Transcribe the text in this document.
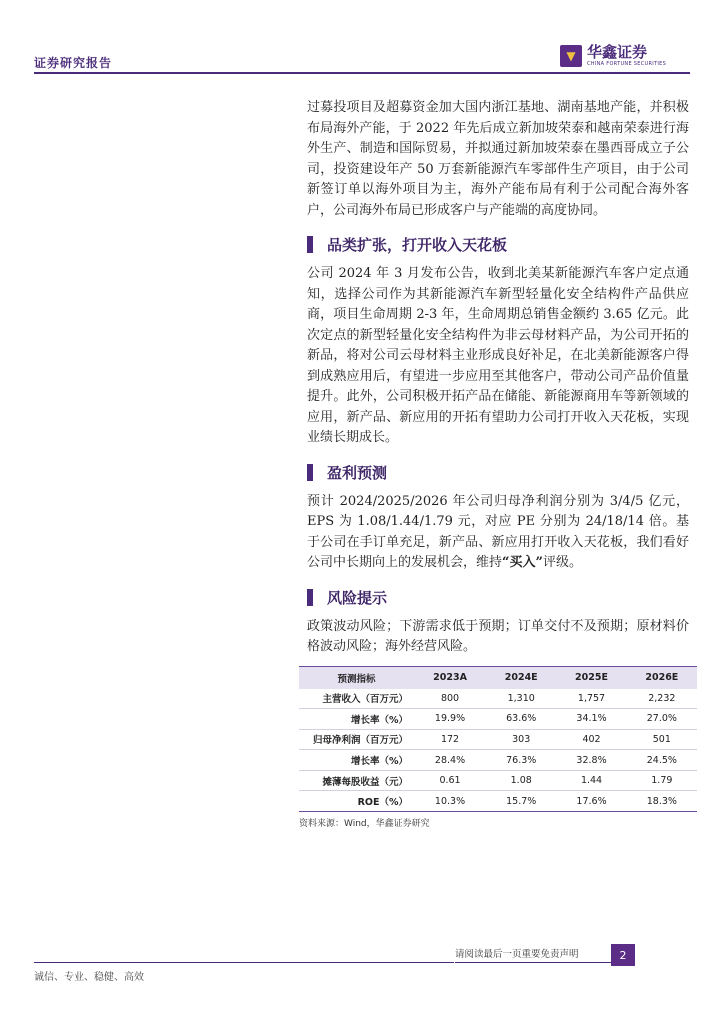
证券研究报告
▼ 华鑫证券
CHINA FORTUNE SECURITIES

过募投项目及超募资金加大国内浙江基地、湖南基地产能，并积极布局海外产能，于 2022 年先后成立新加坡荣泰和越南荣泰进行海外生产、制造和国际贸易，并拟通过新加坡荣泰在墨西哥成立子公司，投资建设年产 50 万套新能源汽车零部件生产项目，由于公司新签订单以海外项目为主，海外产能布局有利于公司配合海外客户，公司海外布局已形成客户与产能端的高度协同。

品类扩张，打开收入天花板

公司 2024 年 3 月发布公告，收到北美某新能源汽车客户定点通知，选择公司作为其新能源汽车新型轻量化安全结构件产品供应商，项目生命周期 2-3 年，生命周期总销售金额约 3.65 亿元。此次定点的新型轻量化安全结构件为非云母材料产品，为公司开拓的新品，将对公司云母材料主业形成良好补足，在北美新能源客户得到成熟应用后，有望进一步应用至其他客户，带动公司产品价值量提升。此外，公司积极开拓产品在储能、新能源商用车等新领域的应用，新产品、新应用的开拓有望助力公司打开收入天花板，实现业绩长期成长。

盈利预测

预计 2024/2025/2026 年公司归母净利润分别为 3/4/5 亿元，EPS 为 1.08/1.44/1.79 元，对应 PE 分别为 24/18/14 倍。基于公司在手订单充足，新产品、新应用打开收入天花板，我们看好公司中长期向上的发展机会，维持“买入”评级。

风险提示

政策波动风险；下游需求低于预期；订单交付不及预期；原材料价格波动风险；海外经营风险。

预测指标	2023A	2024E	2025E	2026E
主营收入（百万元）	800	1,310	1,757	2,232
增长率（%）	19.9%	63.6%	34.1%	27.0%
归母净利润（百万元）	172	303	402	501
增长率（%）	28.4%	76.3%	32.8%	24.5%
摊薄每股收益（元）	0.61	1.08	1.44	1.79
ROE（%）	10.3%	15.7%	17.6%	18.3%
资料来源：Wind，华鑫证券研究
请阅读最后一页重要免责声明	2
诚信、专业、稳健、高效
